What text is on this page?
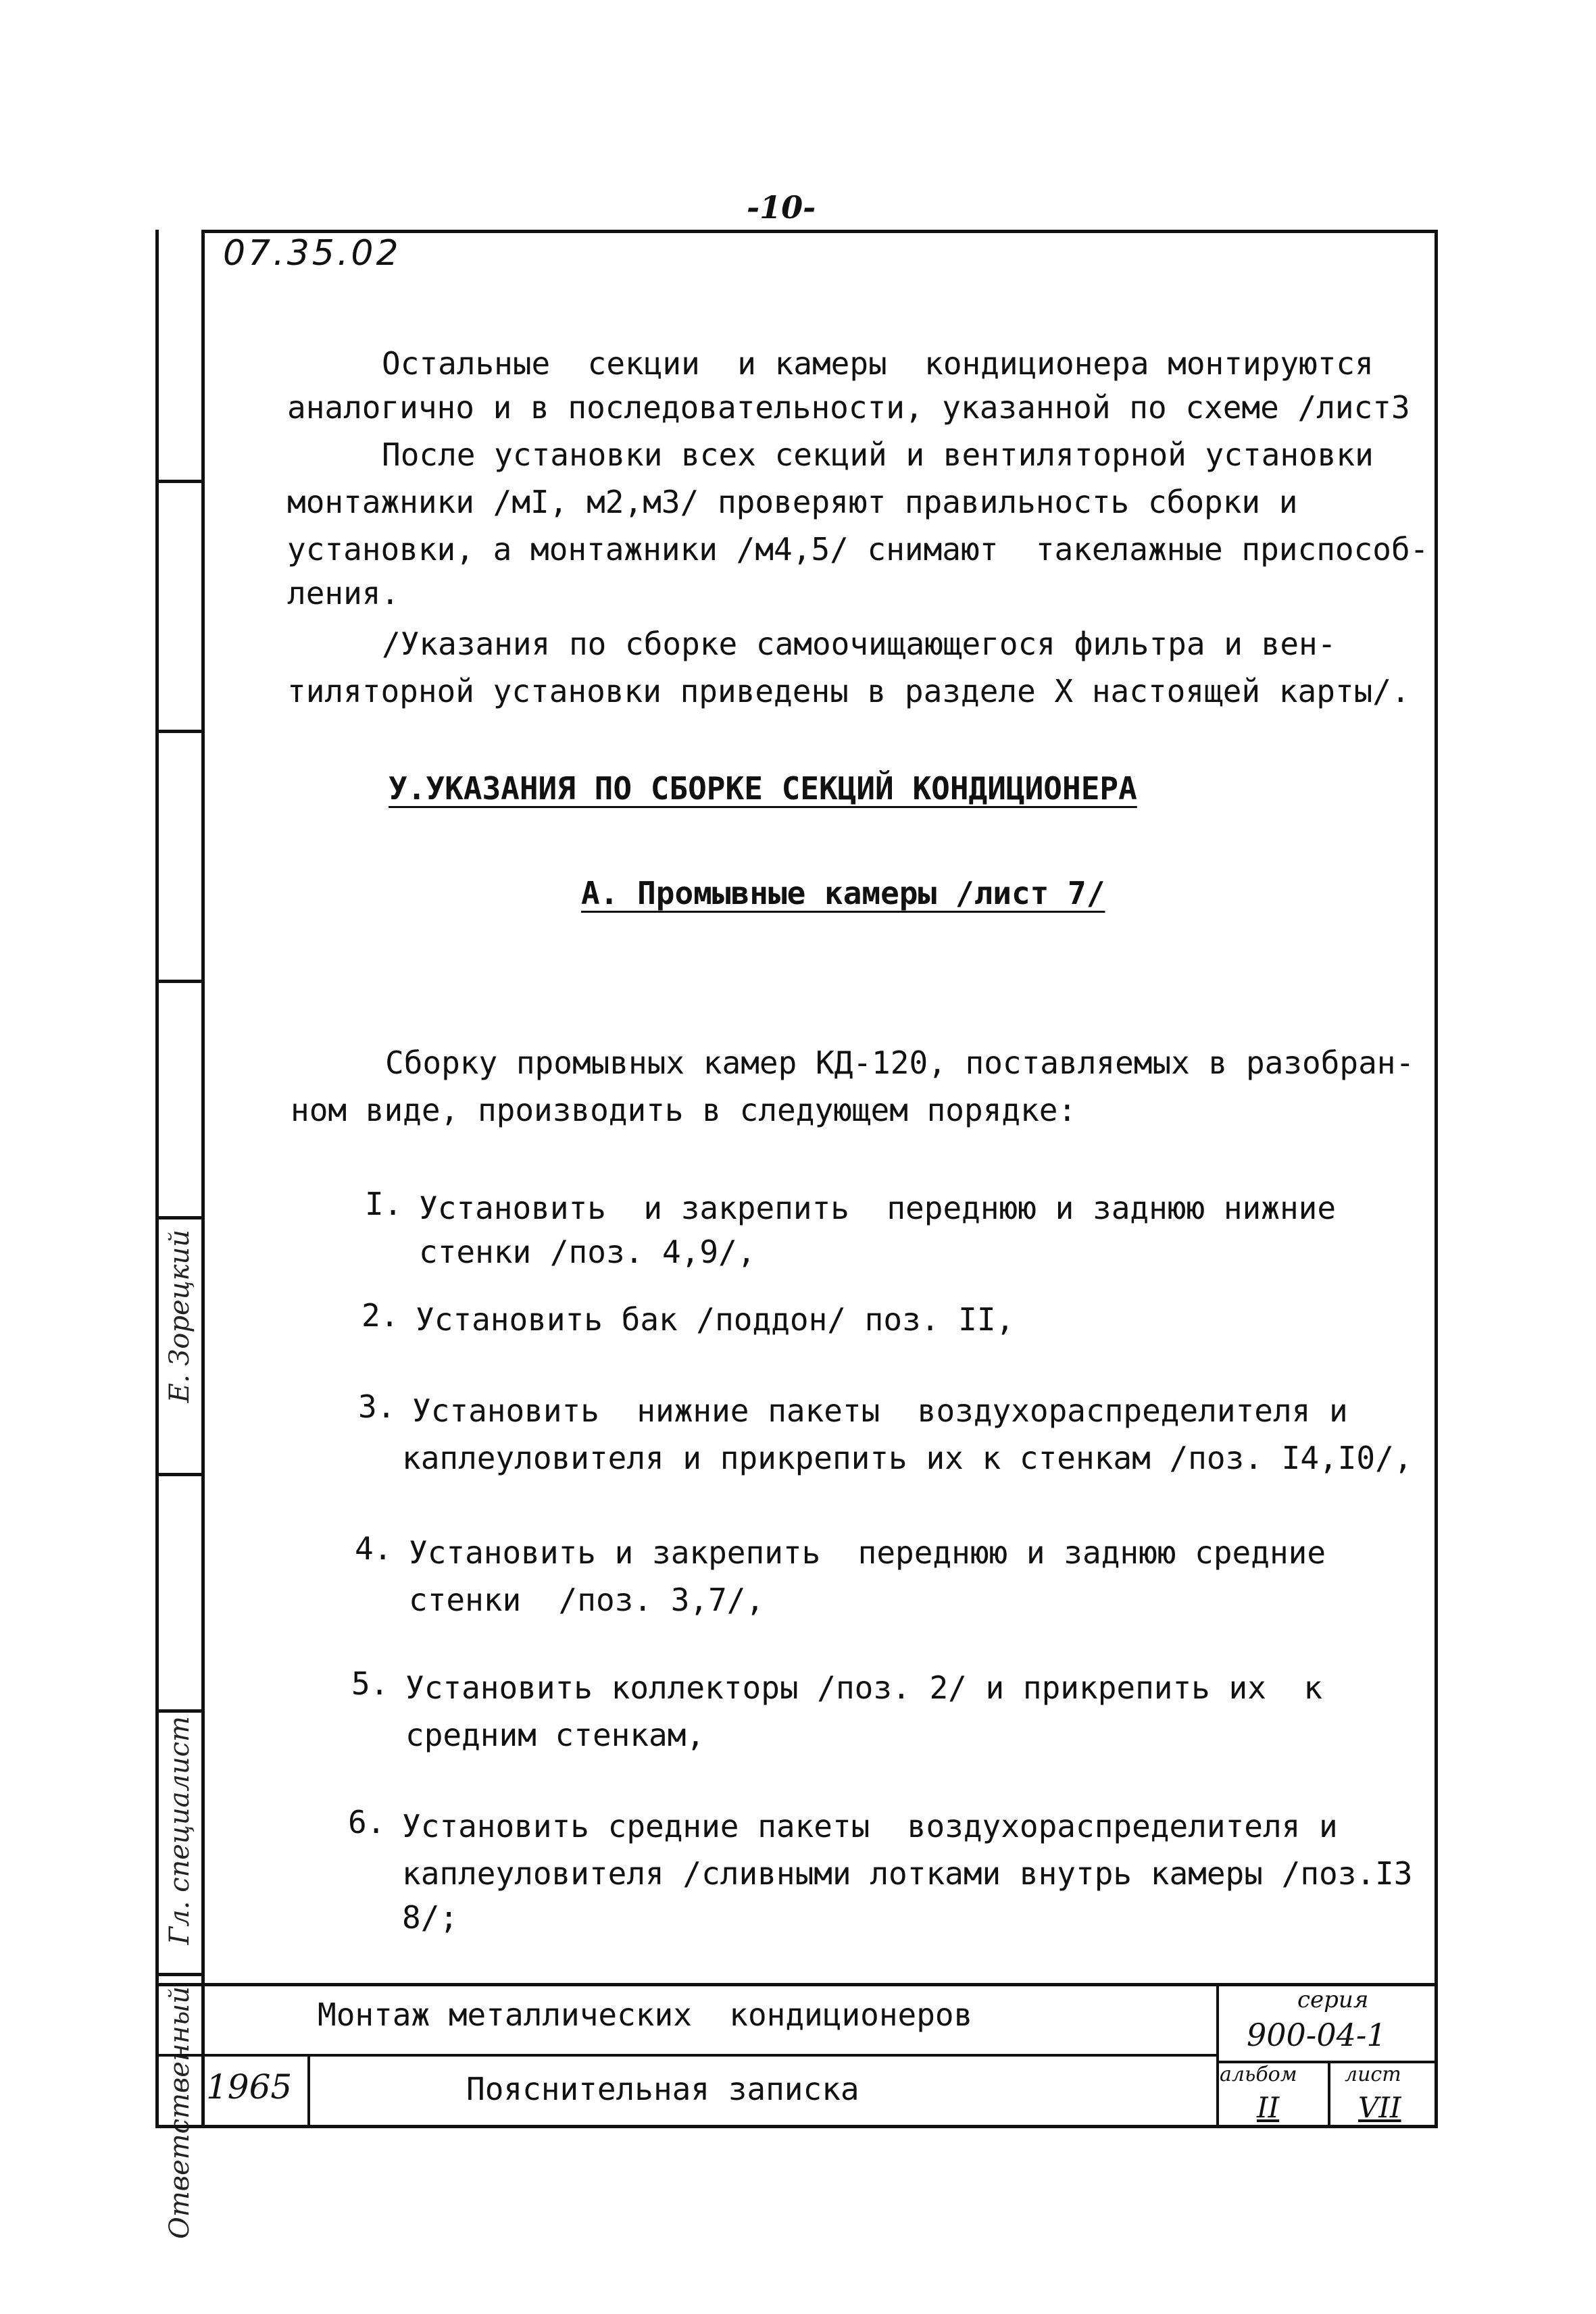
-10-
Е. Зорецкий
Гл. специалист
Ответственный
07.35.02
Остальные  секции  и камеры  кондиционера монтируются
аналогично и в последовательности, указанной по схеме /лист3
После установки всех секций и вентиляторной установки
монтажники /мI, м2,м3/ проверяют правильность сборки и
установки, а монтажники /м4,5/ снимают  такелажные приспособ-
ления.
/Указания по сборке самоочищающегося фильтра и вен-
тиляторной установки приведены в разделе Х настоящей карты/.
У.УКАЗАНИЯ ПО СБОРКЕ СЕКЦИЙ КОНДИЦИОНЕРА
А. Промывные камеры /лист 7/
Сборку промывных камер КД-120, поставляемых в разобран-
ном виде, производить в следующем порядке:
I. Установить  и закрепить  переднюю и заднюю нижние
стенки /поз. 4,9/,
2. Установить бак /поддон/ поз. II,
3. Установить  нижние пакеты  воздухораспределителя и
каплеуловителя и прикрепить их к стенкам /поз. I4,I0/,
4. Установить и закрепить  переднюю и заднюю средние
стенки  /поз. 3,7/,
5. Установить коллекторы /поз. 2/ и прикрепить их  к
средним стенкам,
6. Установить средние пакеты  воздухораспределителя и
каплеуловителя /сливными лотками внутрь камеры /поз.I3
8/;
Монтаж металлических  кондиционеров
Пояснительная записка
1965
серия
900-04-1
альбом
II
лист
VII
